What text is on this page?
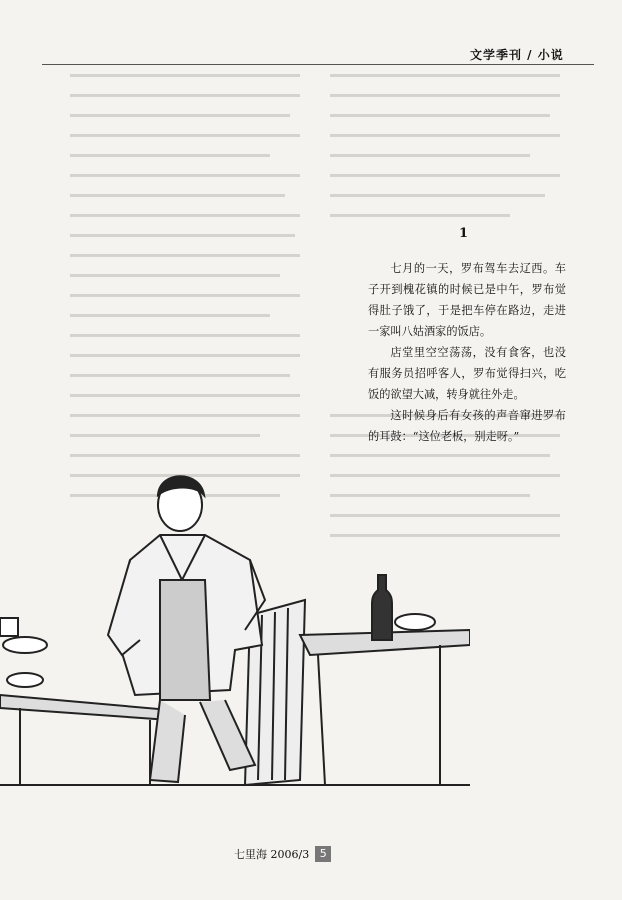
文学季刊 / 小说
1

七月的一天，罗布驾车去辽西。车子开到槐花镇的时候已是中午，罗布觉得肚子饿了，于是把车停在路边，走进一家叫八姑酒家的饭店。

店堂里空空荡荡，没有食客，也没有服务员招呼客人，罗布觉得扫兴，吃饭的欲望大减，转身就往外走。

这时候身后有女孩的声音窜进罗布的耳鼓：“这位老板，别走呀。”

七里海 2006/3 5
